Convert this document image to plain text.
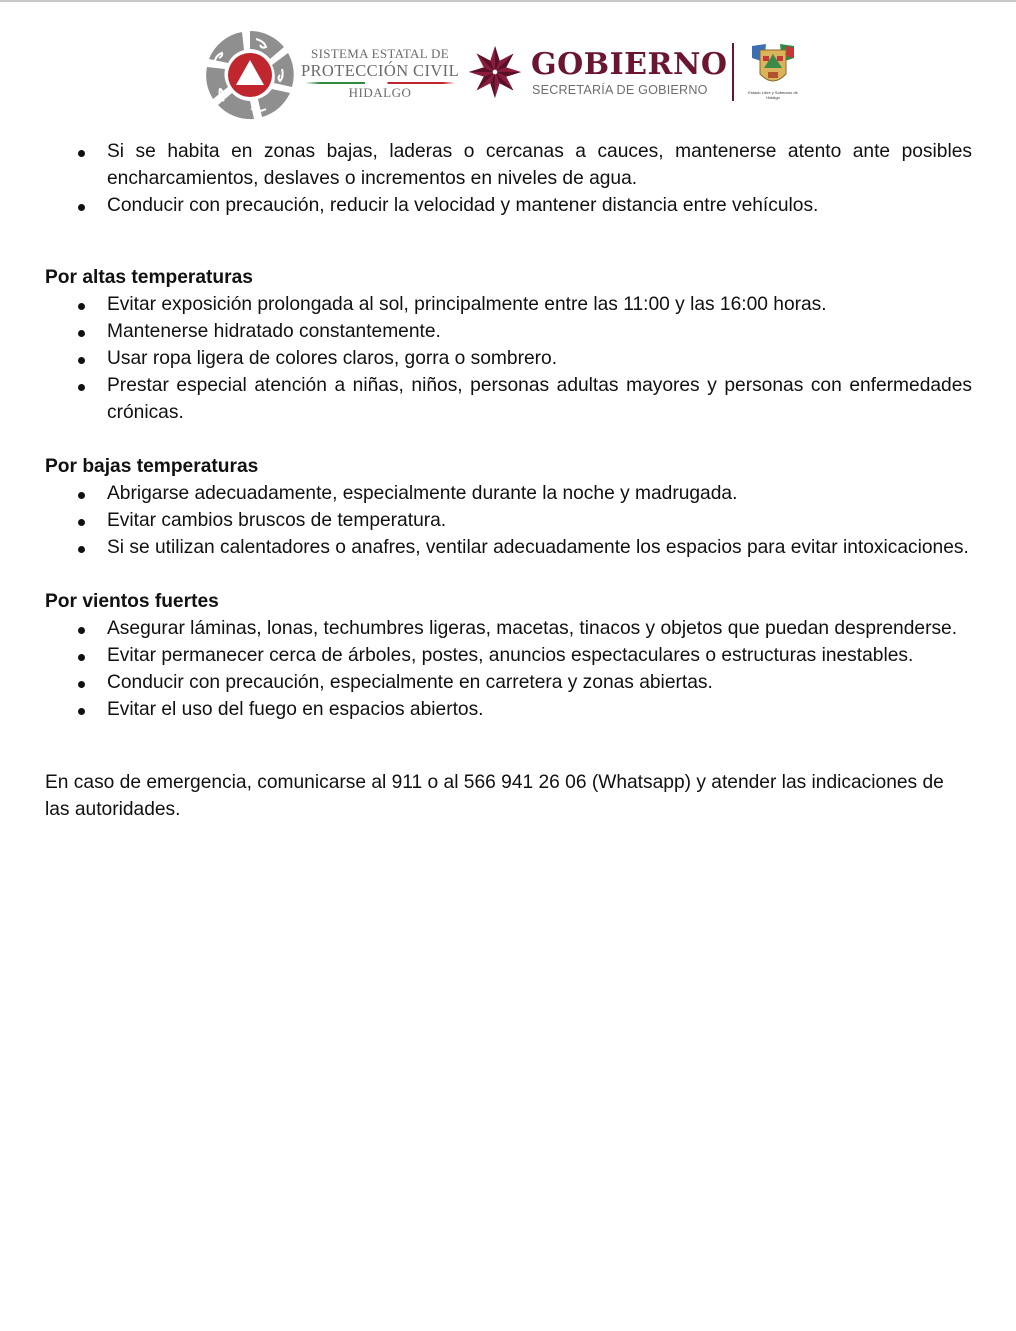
SISTEMA ESTATAL DE
PROTECCIÓN CIVIL
HIDALGO
GOBIERNO
SECRETARÍA DE GOBIERNO	Estado Libre y Soberano de Hidalgo
Si se habita en zonas bajas, laderas o cercanas a cauces, mantenerse atento ante posibles encharcamientos, deslaves o incrementos en niveles de agua.
Conducir con precaución, reducir la velocidad y mantener distancia entre vehículos.

Por altas temperaturas

Evitar exposición prolongada al sol, principalmente entre las 11:00 y las 16:00 horas.
Mantenerse hidratado constantemente.
Usar ropa ligera de colores claros, gorra o sombrero.
Prestar especial atención a niñas, niños, personas adultas mayores y personas con enfermedades crónicas.

Por bajas temperaturas

Abrigarse adecuadamente, especialmente durante la noche y madrugada.
Evitar cambios bruscos de temperatura.
Si se utilizan calentadores o anafres, ventilar adecuadamente los espacios para evitar intoxicaciones.

Por vientos fuertes

Asegurar láminas, lonas, techumbres ligeras, macetas, tinacos y objetos que puedan desprenderse.
Evitar permanecer cerca de árboles, postes, anuncios espectaculares o estructuras inestables.
Conducir con precaución, especialmente en carretera y zonas abiertas.
Evitar el uso del fuego en espacios abiertos.

En caso de emergencia, comunicarse al 911 o al 566 941 26 06 (Whatsapp) y atender las indicaciones de las autoridades.
